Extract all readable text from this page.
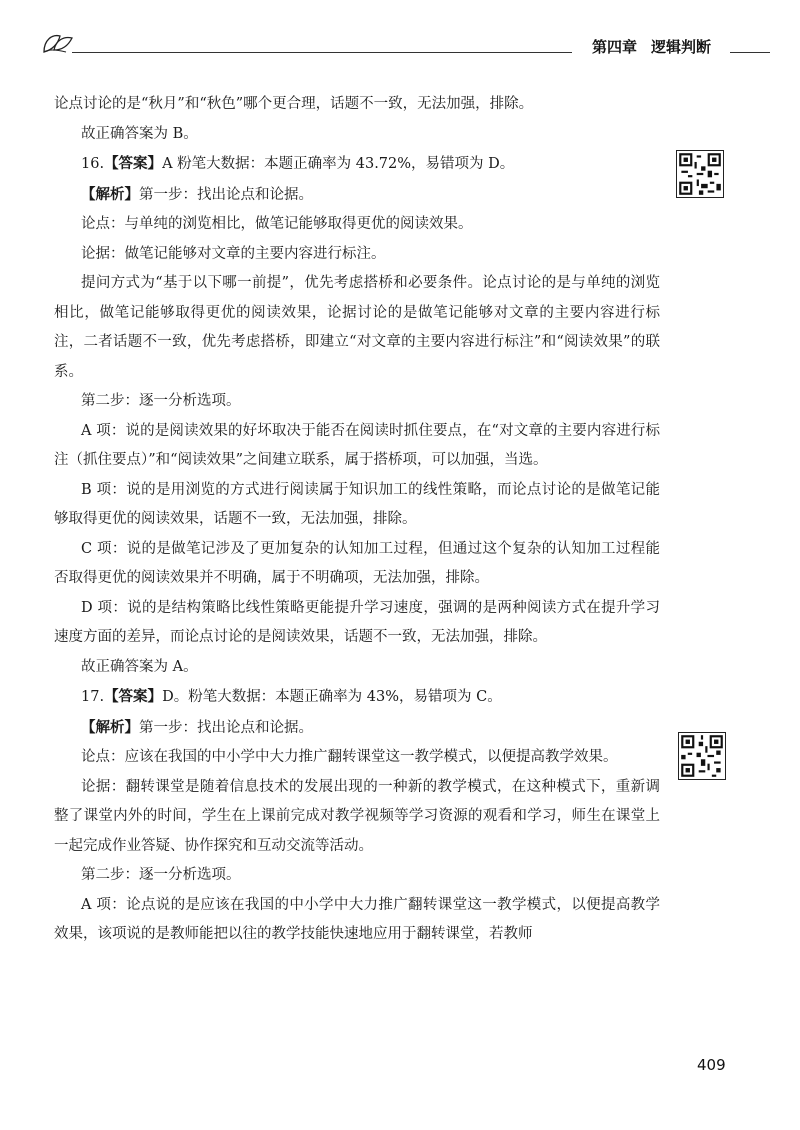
第四章 逻辑判断

论点讨论的是“秋月”和“秋色”哪个更合理，话题不一致，无法加强，排除。

故正确答案为 B。

16.【答案】A 粉笔大数据：本题正确率为 43.72%，易错项为 D。

【解析】第一步：找出论点和论据。

论点：与单纯的浏览相比，做笔记能够取得更优的阅读效果。

论据：做笔记能够对文章的主要内容进行标注。

提问方式为“基于以下哪一前提”，优先考虑搭桥和必要条件。论点讨论的是与单纯的浏览相比，做笔记能够取得更优的阅读效果，论据讨论的是做笔记能够对文章的主要内容进行标注，二者话题不一致，优先考虑搭桥，即建立“对文章的主要内容进行标注”和“阅读效果”的联系。

第二步：逐一分析选项。

A 项：说的是阅读效果的好坏取决于能否在阅读时抓住要点，在“对文章的主要内容进行标注（抓住要点）”和“阅读效果”之间建立联系，属于搭桥项，可以加强，当选。

B 项：说的是用浏览的方式进行阅读属于知识加工的线性策略，而论点讨论的是做笔记能够取得更优的阅读效果，话题不一致，无法加强，排除。

C 项：说的是做笔记涉及了更加复杂的认知加工过程，但通过这个复杂的认知加工过程能否取得更优的阅读效果并不明确，属于不明确项，无法加强，排除。

D 项：说的是结构策略比线性策略更能提升学习速度，强调的是两种阅读方式在提升学习速度方面的差异，而论点讨论的是阅读效果，话题不一致，无法加强，排除。

故正确答案为 A。

17.【答案】D。粉笔大数据：本题正确率为 43%，易错项为 C。

【解析】第一步：找出论点和论据。

论点：应该在我国的中小学中大力推广翻转课堂这一教学模式，以便提高教学效果。

论据：翻转课堂是随着信息技术的发展出现的一种新的教学模式，在这种模式下，重新调整了课堂内外的时间，学生在上课前完成对教学视频等学习资源的观看和学习，师生在课堂上一起完成作业答疑、协作探究和互动交流等活动。

第二步：逐一分析选项。

A 项：论点说的是应该在我国的中小学中大力推广翻转课堂这一教学模式，以便提高教学效果，该项说的是教师能把以往的教学技能快速地应用于翻转课堂，若教师

409
